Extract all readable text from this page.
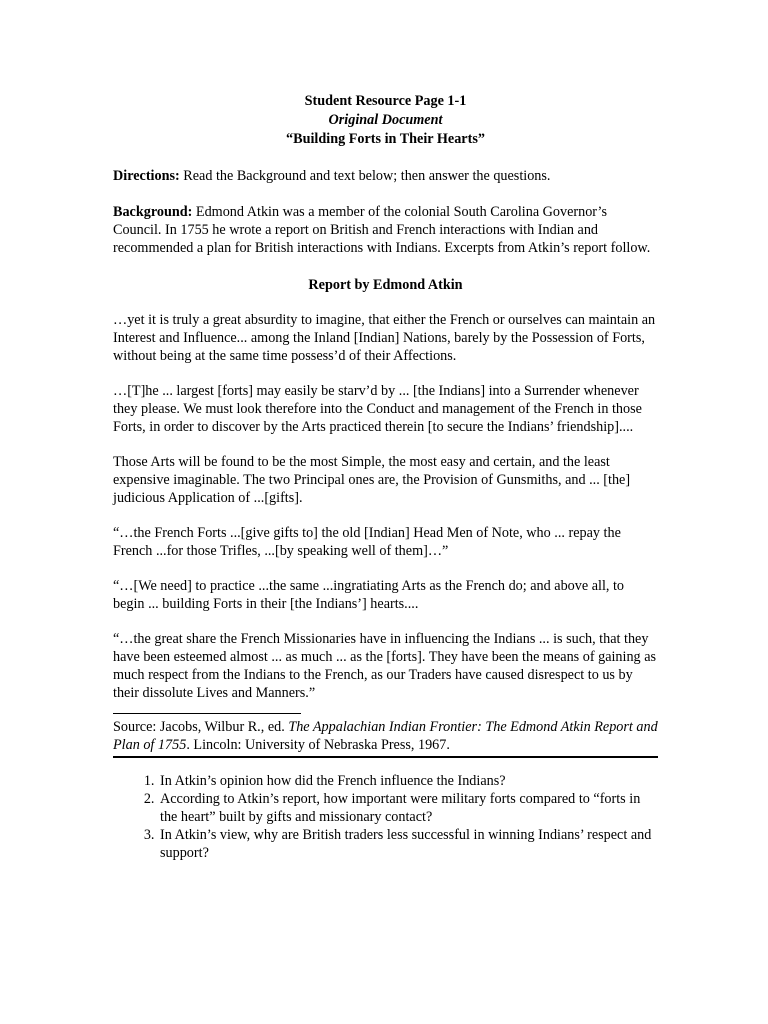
Student Resource Page 1-1
Original Document
“Building Forts in Their Hearts”

Directions: Read the Background and text below; then answer the questions.

Background: Edmond Atkin was a member of the colonial South Carolina Governor’s Council. In 1755 he wrote a report on British and French interactions with Indian and recommended a plan for British interactions with Indians. Excerpts from Atkin’s report follow.

Report by Edmond Atkin

…yet it is truly a great absurdity to imagine, that either the French or ourselves can maintain an Interest and Influence... among the Inland [Indian] Nations, barely by the Possession of Forts, without being at the same time possess’d of their Affections.

…[T]he ... largest [forts] may easily be starv’d by ... [the Indians] into a Surrender whenever they please. We must look therefore into the Conduct and management of the French in those Forts, in order to discover by the Arts practiced therein [to secure the Indians’ friendship]....

Those Arts will be found to be the most Simple, the most easy and certain, and the least expensive imaginable. The two Principal ones are, the Provision of Gunsmiths, and ... [the] judicious Application of ...[gifts].

“…the French Forts ...[give gifts to] the old [Indian] Head Men of Note, who ... repay the French ...for those Trifles, ...[by speaking well of them]…”

“…[We need] to practice ...the same ...ingratiating Arts as the French do; and above all, to begin ... building Forts in their [the Indians’] hearts....

“…the great share the French Missionaries have in influencing the Indians ... is such, that they have been esteemed almost ... as much ... as the [forts]. They have been the means of gaining as much respect from the Indians to the French, as our Traders have caused disrespect to us by their dissolute Lives and Manners.”

Source: Jacobs, Wilbur R., ed. The Appalachian Indian Frontier: The Edmond Atkin Report and Plan of 1755. Lincoln: University of Nebraska Press, 1967.
1. In Atkin’s opinion how did the French influence the Indians?
2. According to Atkin’s report, how important were military forts compared to “forts in the heart” built by gifts and missionary contact?
3. In Atkin’s view, why are British traders less successful in winning Indians’ respect and support?
